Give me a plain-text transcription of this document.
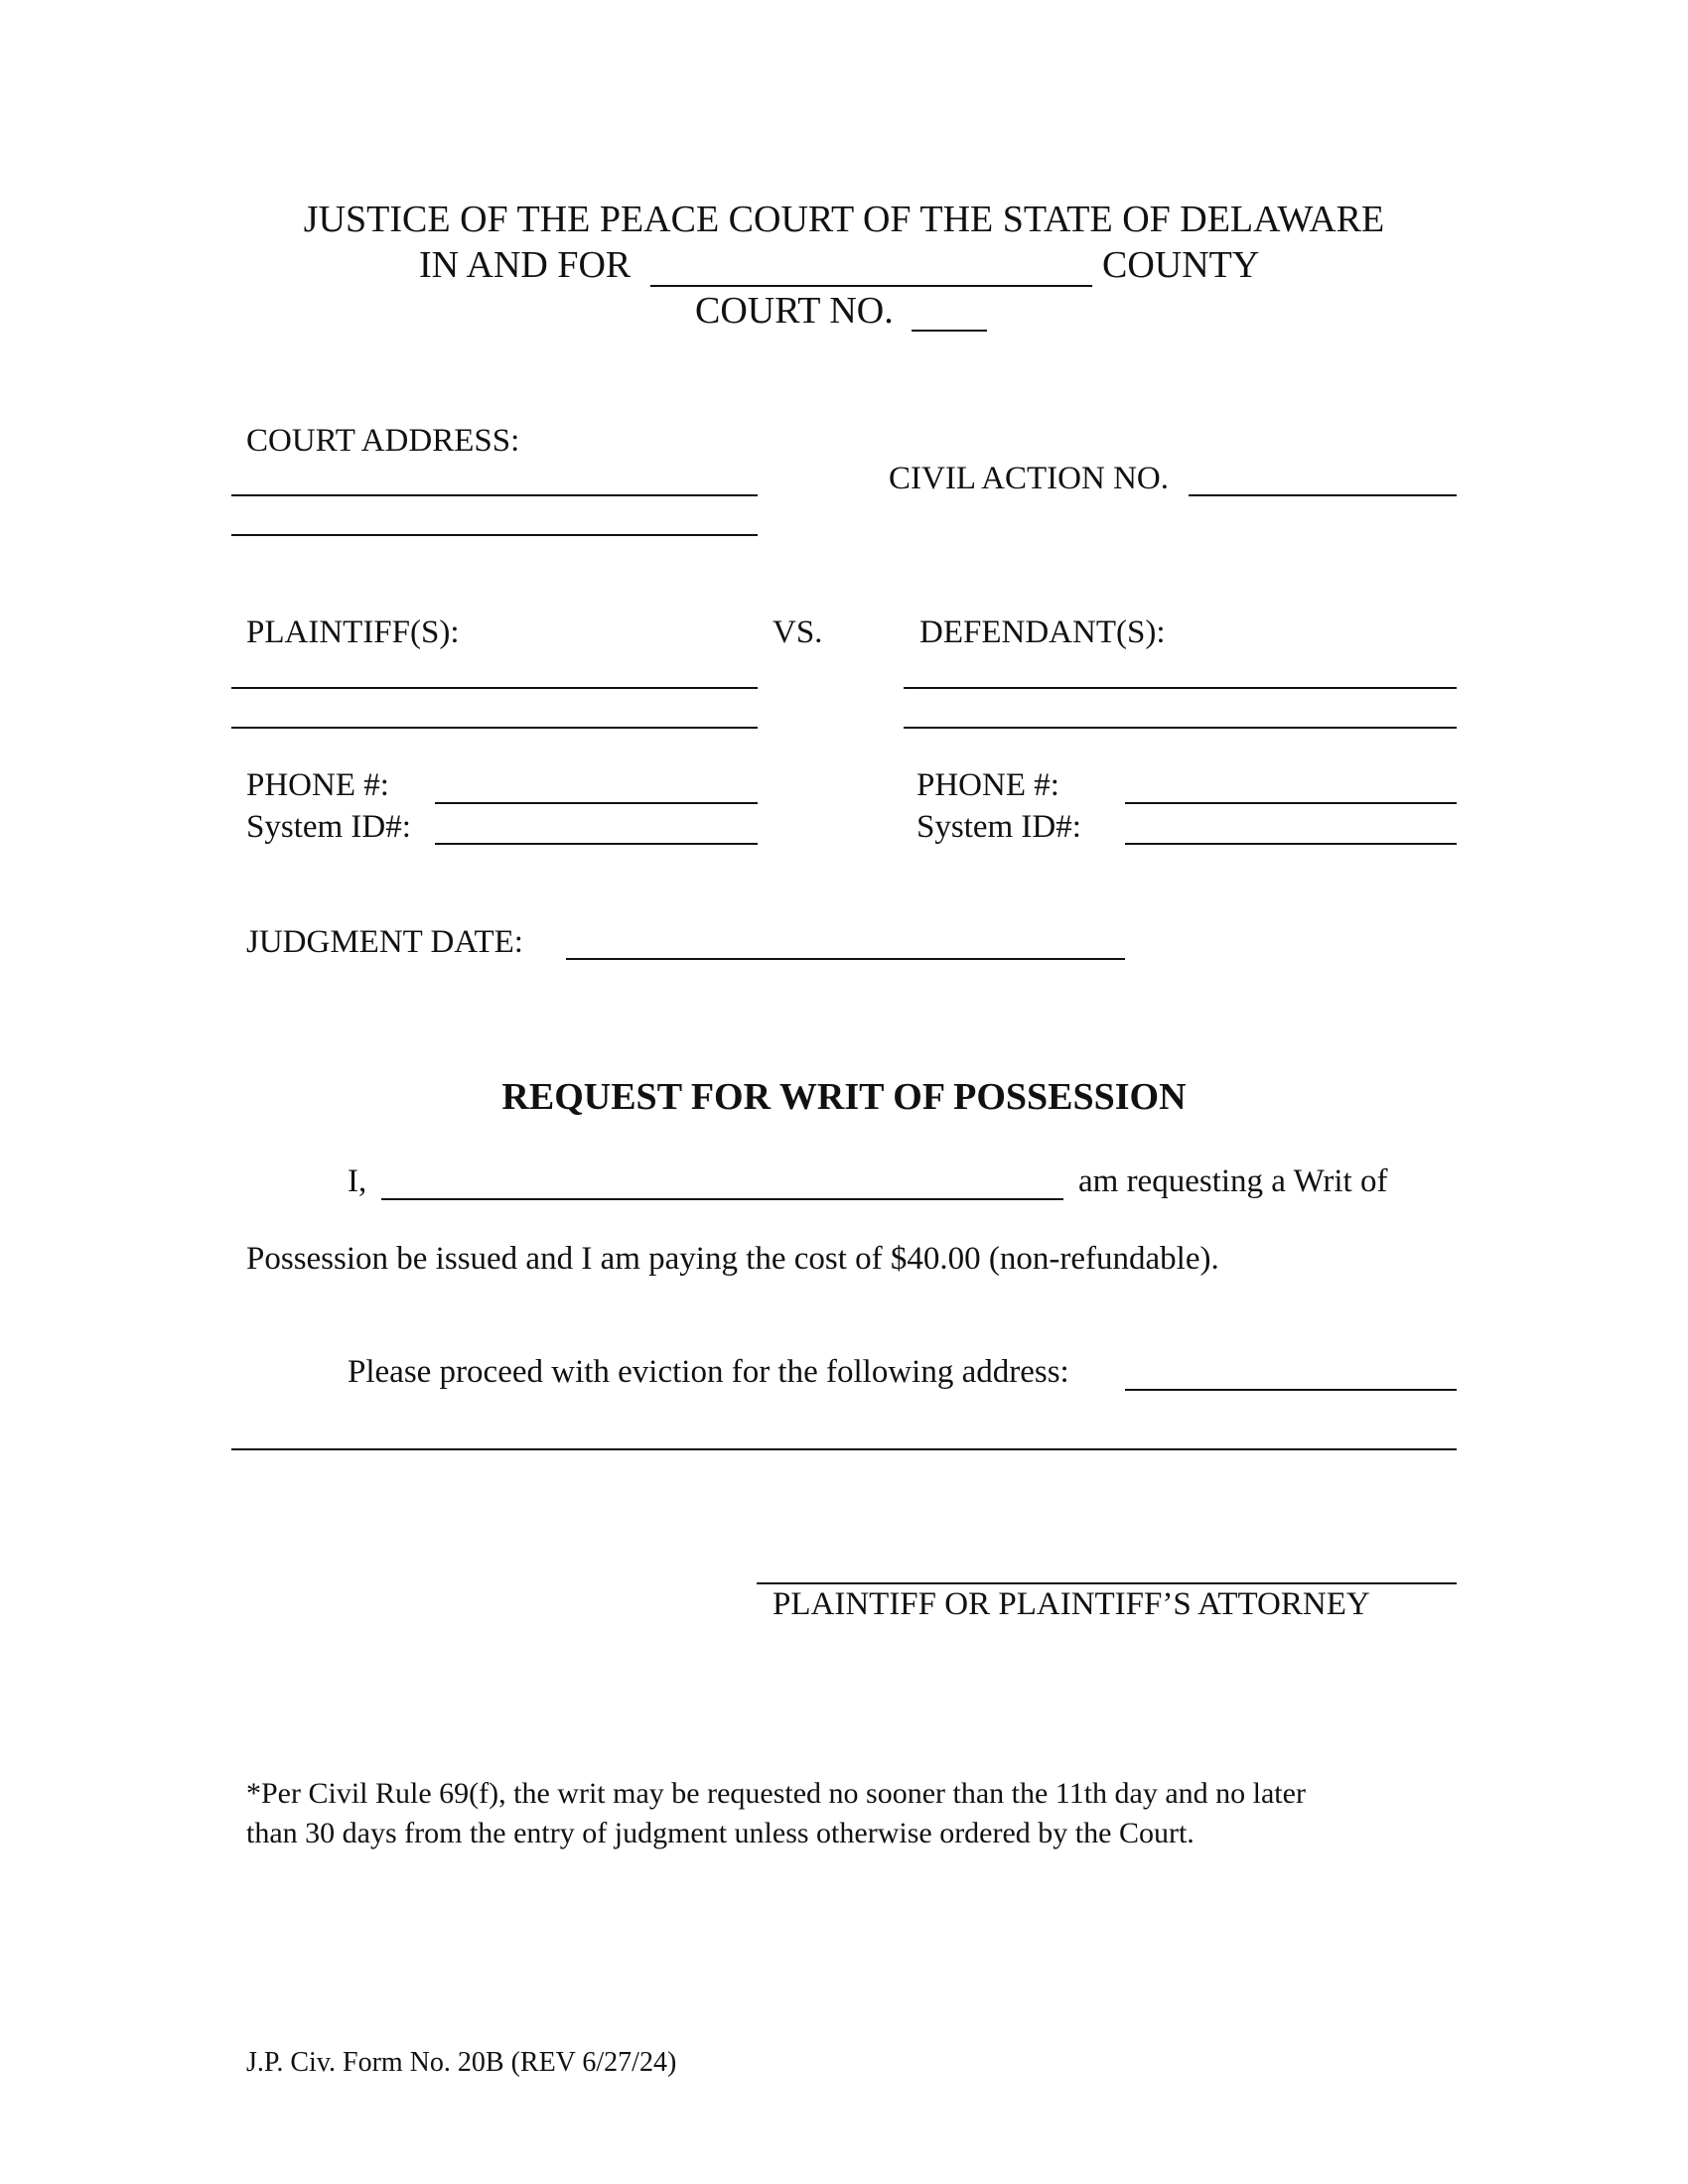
JUSTICE OF THE PEACE COURT OF THE STATE OF DELAWARE
IN AND FOR	COUNTY
COURT NO.
COURT ADDRESS:
CIVIL ACTION NO.
PLAINTIFF(S):	VS.	DEFENDANT(S):
PHONE #:
System ID#:
PHONE #:
System ID#:
JUDGMENT DATE:
REQUEST FOR WRIT OF POSSESSION
I,	am requesting a Writ of
Possession be issued and I am paying the cost of $40.00 (non-refundable).
Please proceed with eviction for the following address:
PLAINTIFF OR PLAINTIFF’S ATTORNEY
*Per Civil Rule 69(f), the writ may be requested no sooner than the 11th day and no later
than 30 days from the entry of judgment unless otherwise ordered by the Court.
J.P. Civ. Form No. 20B (REV 6/27/24)
